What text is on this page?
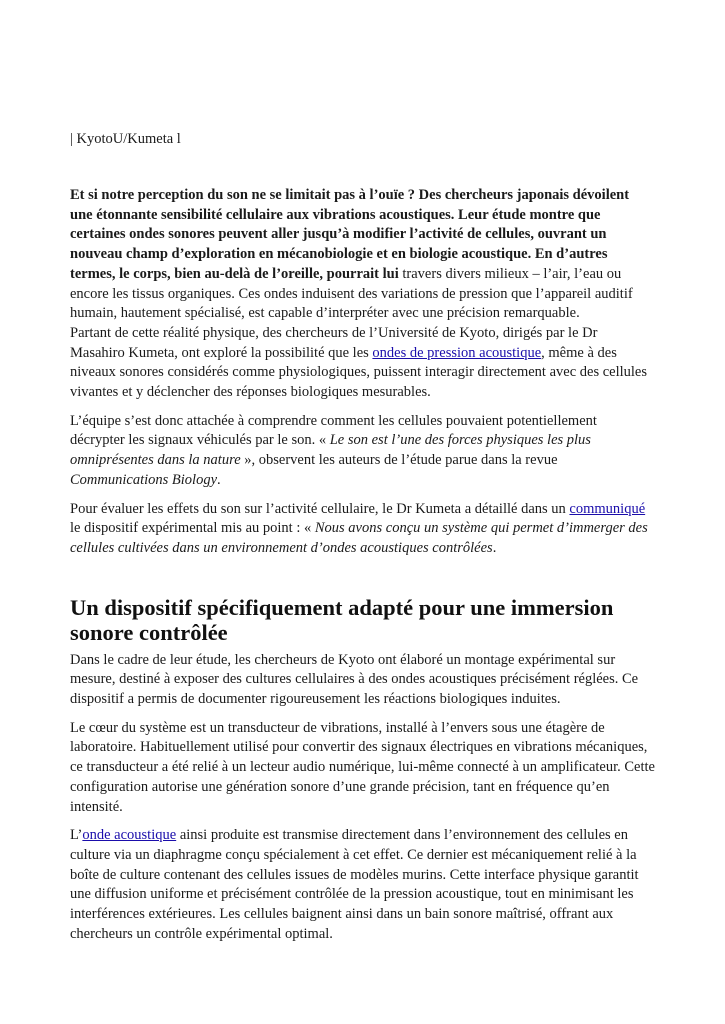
| KyotoU/Kumeta l

Et si notre perception du son ne se limitait pas à l’ouïe ? Des chercheurs japonais dévoilent une étonnante sensibilité cellulaire aux vibrations acoustiques. Leur étude montre que certaines ondes sonores peuvent aller jusqu’à modifier l’activité de cellules, ouvrant un nouveau champ d’exploration en mécanobiologie et en biologie acoustique. En d’autres termes, le corps, bien au-delà de l’oreille, pourrait lui travers divers milieux – l’air, l’eau ou encore les tissus organiques. Ces ondes induisent des variations de pression que l’appareil auditif humain, hautement spécialisé, est capable d’interpréter avec une précision remarquable.

Partant de cette réalité physique, des chercheurs de l’Université de Kyoto, dirigés par le Dr Masahiro Kumeta, ont exploré la possibilité que les ondes de pression acoustique, même à des niveaux sonores considérés comme physiologiques, puissent interagir directement avec des cellules vivantes et y déclencher des réponses biologiques mesurables.

L’équipe s’est donc attachée à comprendre comment les cellules pouvaient potentiellement décrypter les signaux véhiculés par le son. « Le son est l’une des forces physiques les plus omniprésentes dans la nature », observent les auteurs de l’étude parue dans la revue Communications Biology.

Pour évaluer les effets du son sur l’activité cellulaire, le Dr Kumeta a détaillé dans un communiqué le dispositif expérimental mis au point : « Nous avons conçu un système qui permet d’immerger des cellules cultivées dans un environnement d’ondes acoustiques contrôlées.

Un dispositif spécifiquement adapté pour une immersion sonore contrôlée

Dans le cadre de leur étude, les chercheurs de Kyoto ont élaboré un montage expérimental sur mesure, destiné à exposer des cultures cellulaires à des ondes acoustiques précisément réglées. Ce dispositif a permis de documenter rigoureusement les réactions biologiques induites.

Le cœur du système est un transducteur de vibrations, installé à l’envers sous une étagère de laboratoire. Habituellement utilisé pour convertir des signaux électriques en vibrations mécaniques, ce transducteur a été relié à un lecteur audio numérique, lui-même connecté à un amplificateur. Cette configuration autorise une génération sonore d’une grande précision, tant en fréquence qu’en intensité.

L’onde acoustique ainsi produite est transmise directement dans l’environnement des cellules en culture via un diaphragme conçu spécialement à cet effet. Ce dernier est mécaniquement relié à la boîte de culture contenant des cellules issues de modèles murins. Cette interface physique garantit une diffusion uniforme et précisément contrôlée de la pression acoustique, tout en minimisant les interférences extérieures. Les cellules baignent ainsi dans un bain sonore maîtrisé, offrant aux chercheurs un contrôle expérimental optimal.
